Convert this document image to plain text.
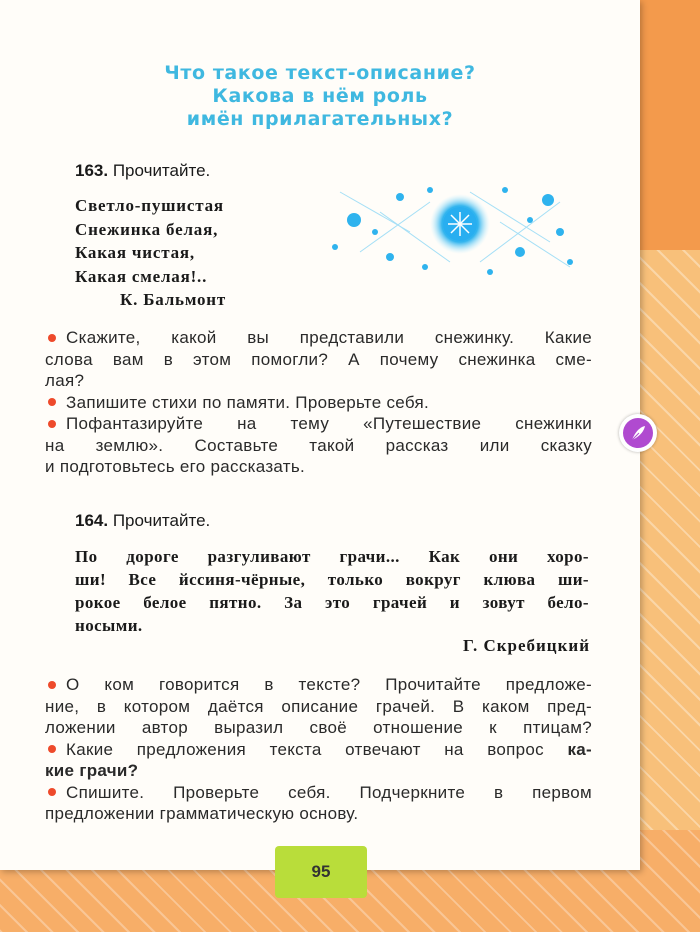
Что такое текст-описание?
Какова в нём роль
имён прилагательных?
163. Прочитайте.
Светло-пушистая
Снежинка белая,
Какая чистая,
Какая смелая!..
К. Бальмонт
Скажите, какой вы представили снежинку. Какие
слова вам в этом помогли? А почему снежинка сме-
лая?
Запишите стихи по памяти. Проверьте себя.
Пофантазируйте на тему «Путешествие снежинки
на землю». Составьте такой рассказ или сказку
и подготовьтесь его рассказать.
164. Прочитайте.
По дороге разгуливают грачи... Как они хоро-
ши! Все йссиня-чёрные, только вокруг клюва ши-
рокое белое пятно. За это грачей и зовут бело-
носыми.
Г. Скребицкий
О ком говорится в тексте? Прочитайте предложе-
ние, в котором даётся описание грачей. В каком пред-
ложении автор выразил своё отношение к птицам?
Какие предложения текста отвечают на вопрос ка-
кие грачи?
Спишите. Проверьте себя. Подчеркните в первом
предложении грамматическую основу.
95
